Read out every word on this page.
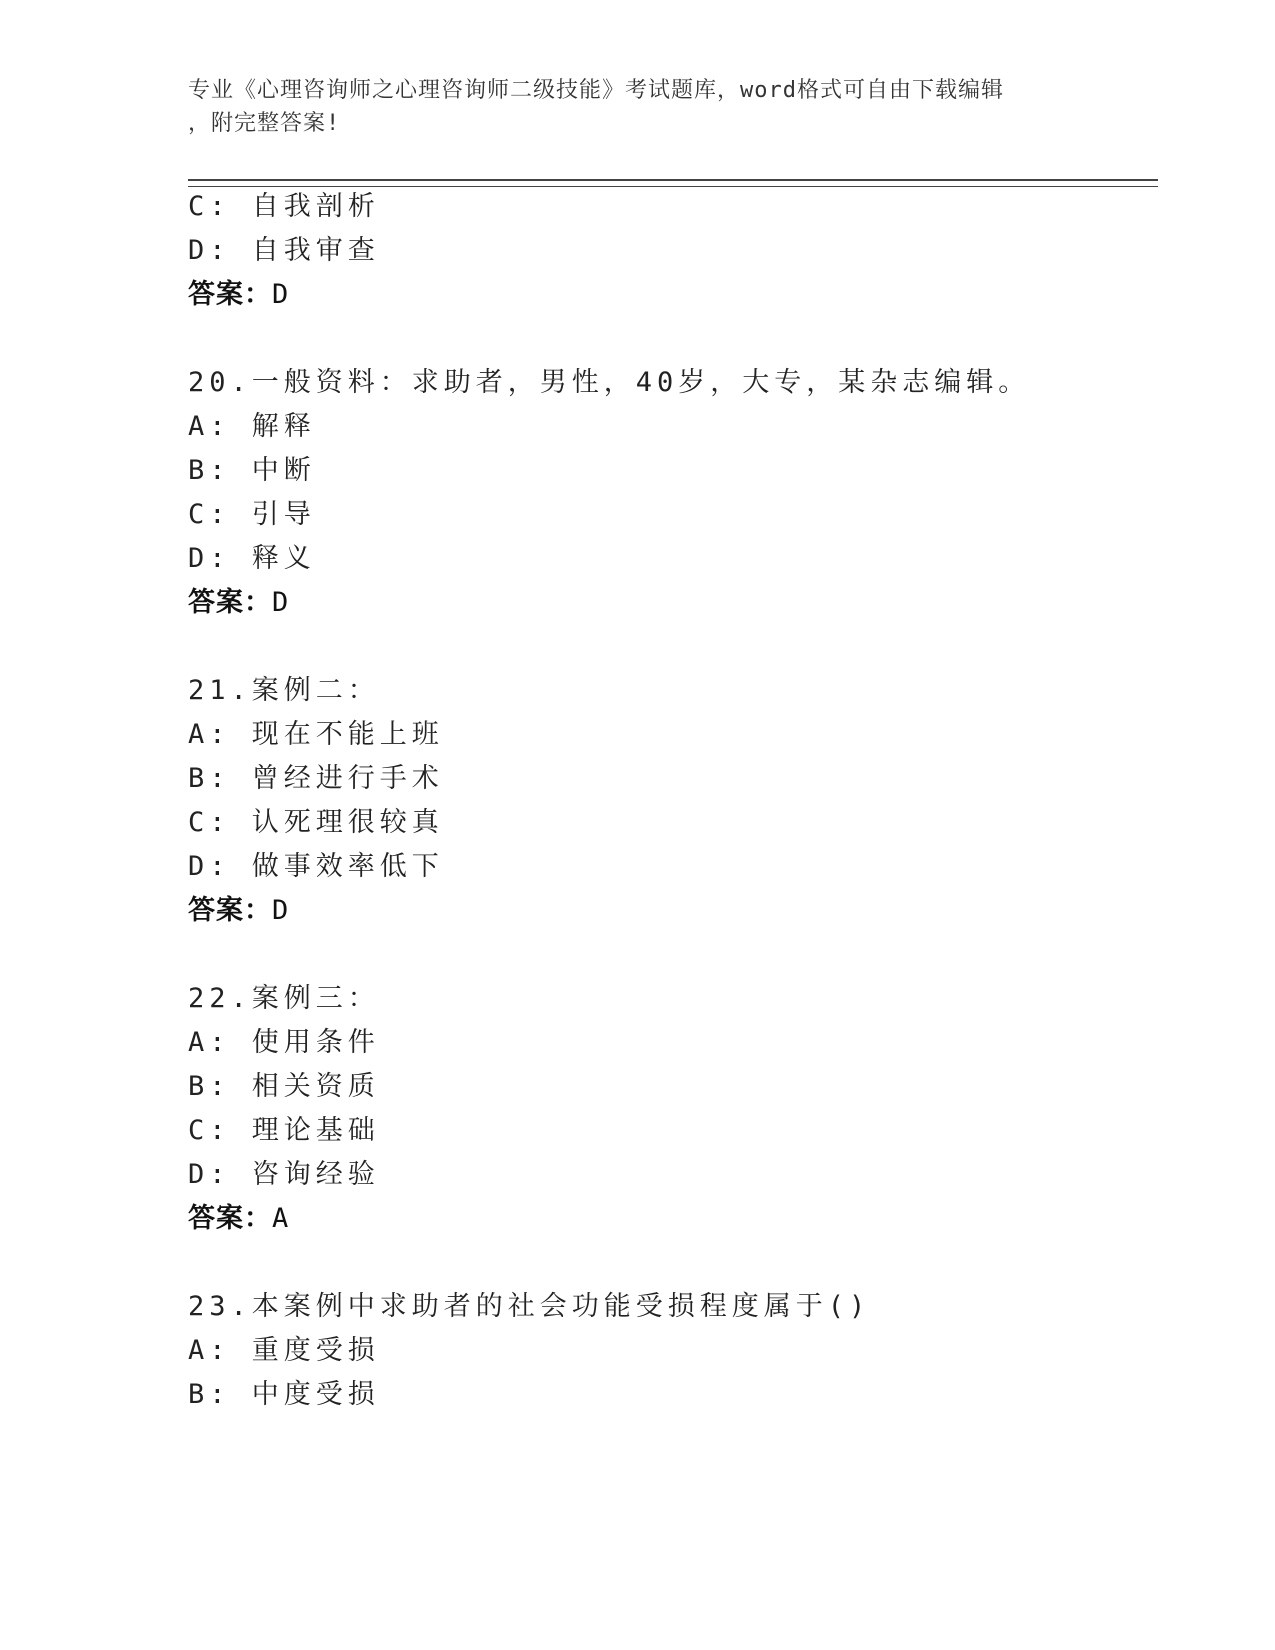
专业《心理咨询师之心理咨询师二级技能》考试题库，word格式可自由下载编辑
，附完整答案!
C: 自我剖析
D: 自我审查
答案：D
20.一般资料：求助者，男性，40岁，大专，某杂志编辑。
A: 解释
B: 中断
C: 引导
D: 释义
答案：D
21.案例二：
A: 现在不能上班
B: 曾经进行手术
C: 认死理很较真
D: 做事效率低下
答案：D
22.案例三：
A: 使用条件
B: 相关资质
C: 理论基础
D: 咨询经验
答案：A
23.本案例中求助者的社会功能受损程度属于()
A: 重度受损
B: 中度受损
